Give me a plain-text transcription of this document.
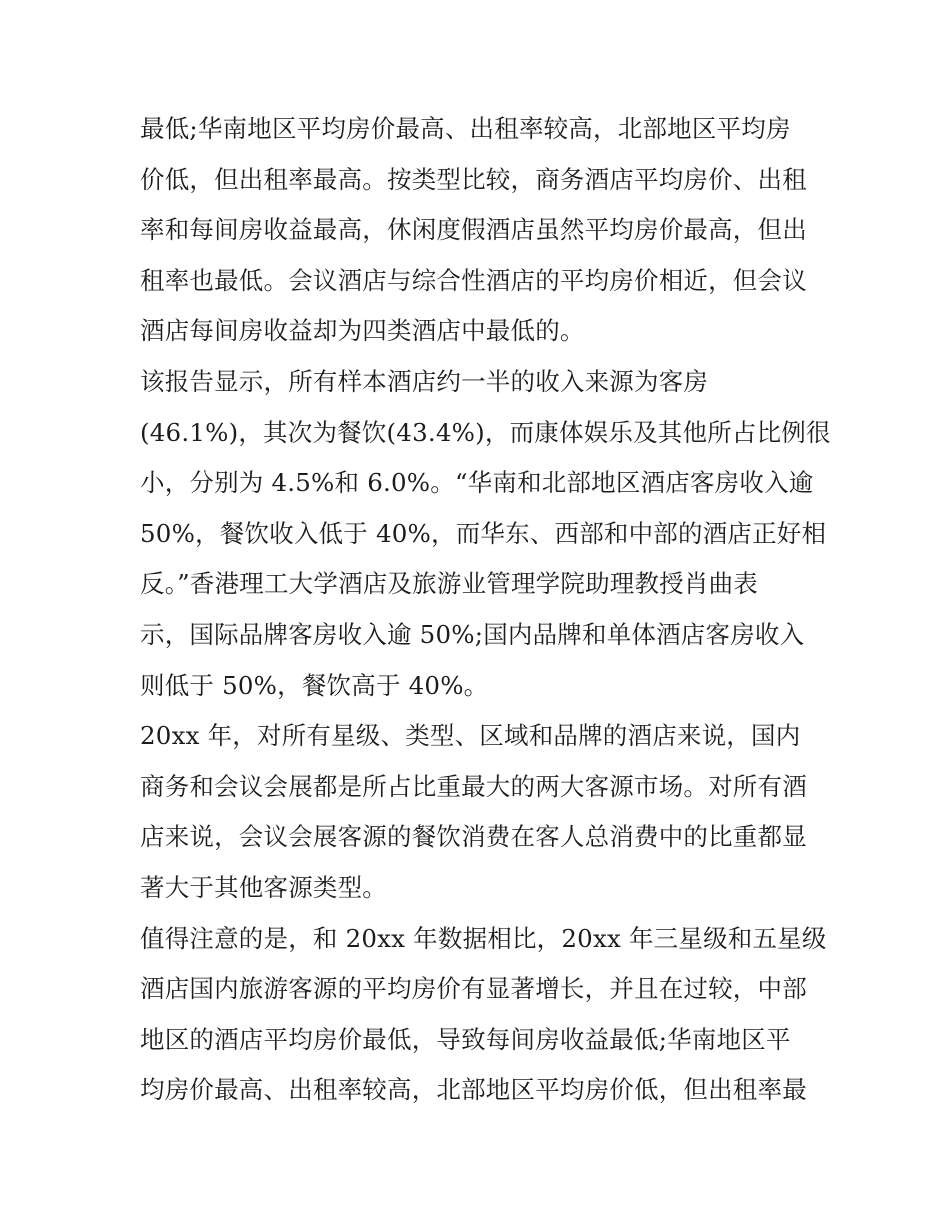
最低;华南地区平均房价最高、出租率较高，北部地区平均房
价低，但出租率最高。按类型比较，商务酒店平均房价、出租
率和每间房收益最高，休闲度假酒店虽然平均房价最高，但出
租率也最低。会议酒店与综合性酒店的平均房价相近，但会议
酒店每间房收益却为四类酒店中最低的。
该报告显示，所有样本酒店约一半的收入来源为客房
(46.1%)，其次为餐饮(43.4%)，而康体娱乐及其他所占比例很
小，分别为 4.5%和 6.0%。“华南和北部地区酒店客房收入逾
50%，餐饮收入低于 40%，而华东、西部和中部的酒店正好相
反。”香港理工大学酒店及旅游业管理学院助理教授肖曲表
示，国际品牌客房收入逾 50%;国内品牌和单体酒店客房收入
则低于 50%，餐饮高于 40%。
20xx 年，对所有星级、类型、区域和品牌的酒店来说，国内
商务和会议会展都是所占比重最大的两大客源市场。对所有酒
店来说，会议会展客源的餐饮消费在客人总消费中的比重都显
著大于其他客源类型。
值得注意的是，和 20xx 年数据相比，20xx 年三星级和五星级
酒店国内旅游客源的平均房价有显著增长，并且在过较，中部
地区的酒店平均房价最低，导致每间房收益最低;华南地区平
均房价最高、出租率较高，北部地区平均房价低，但出租率最
